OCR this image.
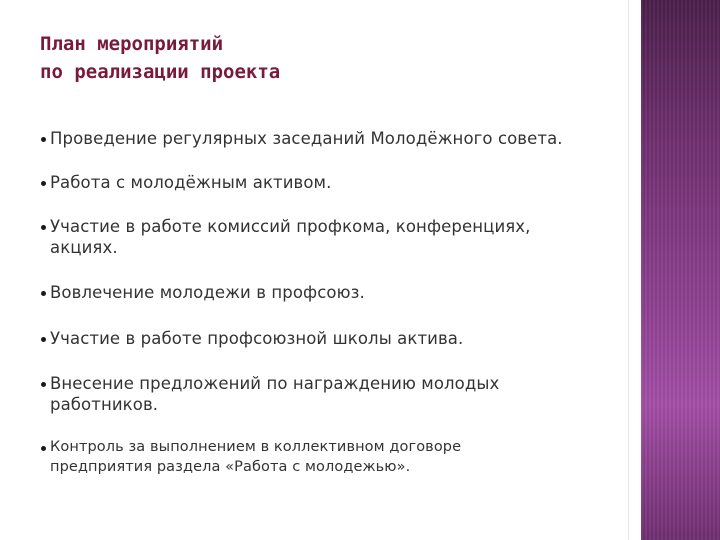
План мероприятий
по реализации проекта
Проведение регулярных заседаний Молодёжного совета.
Работа с молодёжным активом.
Участие в работе комиссий профкома, конференциях, акциях.
Вовлечение молодежи в профсоюз.
Участие в работе профсоюзной школы актива.
Внесение предложений по награждению молодых работников.
Контроль за выполнением в коллективном договоре предприятия раздела «Работа с молодежью».
